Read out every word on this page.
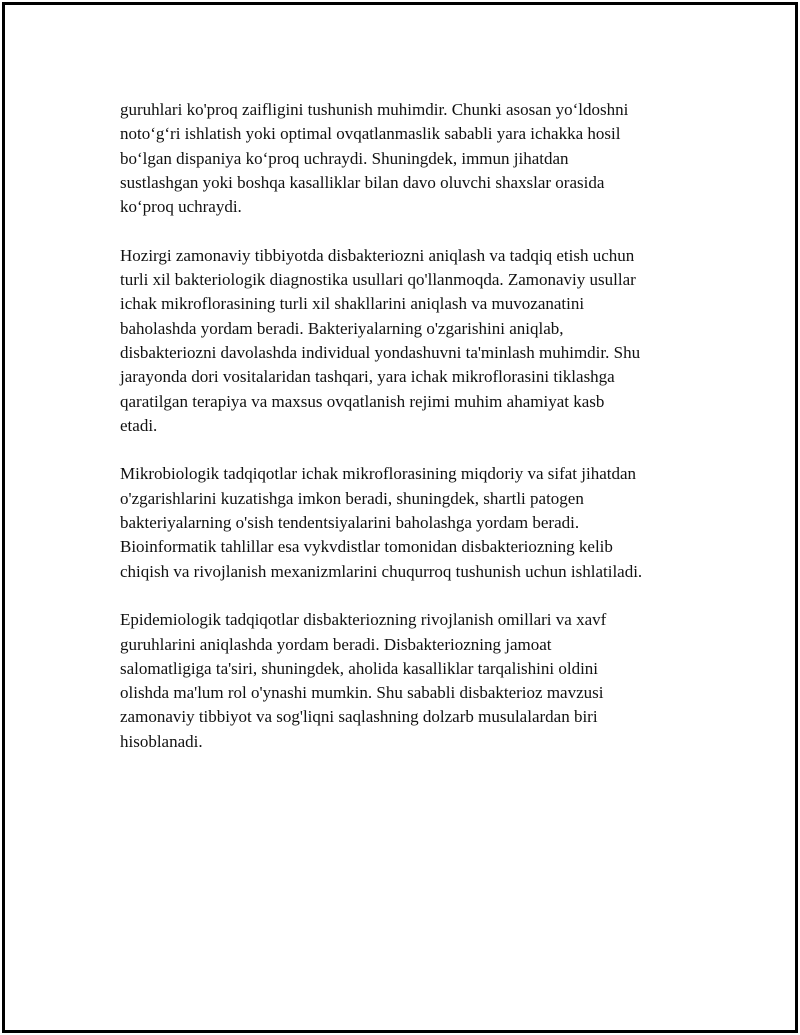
guruhlari ko'proq zaifligini tushunish muhimdir. Chunki asosan yo‘ldoshni
noto‘g‘ri ishlatish yoki optimal ovqatlanmaslik sababli yara ichakka hosil
bo‘lgan dispaniya ko‘proq uchraydi. Shuningdek, immun jihatdan
sustlashgan yoki boshqa kasalliklar bilan davo oluvchi shaxslar orasida
ko‘proq uchraydi.

Hozirgi zamonaviy tibbiyotda disbakteriozni aniqlash va tadqiq etish uchun
turli xil bakteriologik diagnostika usullari qo'llanmoqda. Zamonaviy usullar
ichak mikroflorasining turli xil shakllarini aniqlash va muvozanatini
baholashda yordam beradi. Bakteriyalarning o'zgarishini aniqlab,
disbakteriozni davolashda individual yondashuvni ta'minlash muhimdir. Shu
jarayonda dori vositalaridan tashqari, yara ichak mikroflorasini tiklashga
qaratilgan terapiya va maxsus ovqatlanish rejimi muhim ahamiyat kasb
etadi.

Mikrobiologik tadqiqotlar ichak mikroflorasining miqdoriy va sifat jihatdan
o'zgarishlarini kuzatishga imkon beradi, shuningdek, shartli patogen
bakteriyalarning o'sish tendentsiyalarini baholashga yordam beradi.
Bioinformatik tahlillar esa vykvdistlar tomonidan disbakteriozning kelib
chiqish va rivojlanish mexanizmlarini chuqurroq tushunish uchun ishlatiladi.

Epidemiologik tadqiqotlar disbakteriozning rivojlanish omillari va xavf
guruhlarini aniqlashda yordam beradi. Disbakteriozning jamoat
salomatligiga ta'siri, shuningdek, aholida kasalliklar tarqalishini oldini
olishda ma'lum rol o'ynashi mumkin. Shu sababli disbakterioz mavzusi
zamonaviy tibbiyot va sog'liqni saqlashning dolzarb musulalardan biri
hisoblanadi.
